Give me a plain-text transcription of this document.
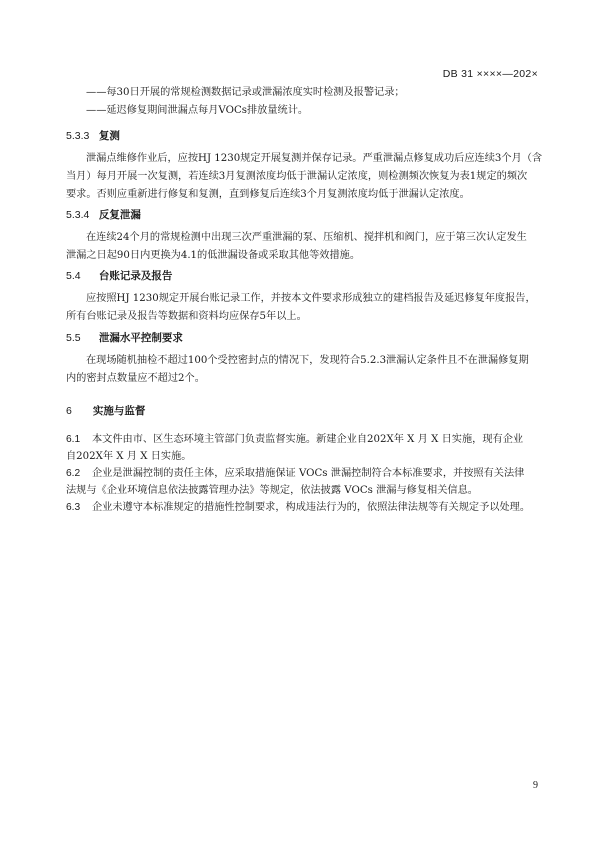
DB 31 ××××—202×
——每30日开展的常规检测数据记录或泄漏浓度实时检测及报警记录；
——延迟修复期间泄漏点每月VOCs排放量统计。
5.3.3 复测
泄漏点维修作业后，应按HJ 1230规定开展复测并保存记录。严重泄漏点修复成功后应连续3个月（含
当月）每月开展一次复测，若连续3月复测浓度均低于泄漏认定浓度，则检测频次恢复为表1规定的频次
要求。否则应重新进行修复和复测，直到修复后连续3个月复测浓度均低于泄漏认定浓度。
5.3.4 反复泄漏
在连续24个月的常规检测中出现三次严重泄漏的泵、压缩机、搅拌机和阀门，应于第三次认定发生
泄漏之日起90日内更换为4.1的低泄漏设备或采取其他等效措施。
5.4 台账记录及报告
应按照HJ 1230规定开展台账记录工作，并按本文件要求形成独立的建档报告及延迟修复年度报告，
所有台账记录及报告等数据和资料均应保存5年以上。
5.5 泄漏水平控制要求
在现场随机抽检不超过100个受控密封点的情况下，发现符合5.2.3泄漏认定条件且不在泄漏修复期
内的密封点数量应不超过2个。
6 实施与监督
6.1 本文件由市、区生态环境主管部门负责监督实施。新建企业自202X年 X 月 X 日实施，现有企业
自202X年 X 月 X 日实施。
6.2 企业是泄漏控制的责任主体，应采取措施保证 VOCs 泄漏控制符合本标准要求，并按照有关法律
法规与《企业环境信息依法披露管理办法》等规定，依法披露 VOCs 泄漏与修复相关信息。
6.3 企业未遵守本标准规定的措施性控制要求，构成违法行为的，依照法律法规等有关规定予以处理。
9
